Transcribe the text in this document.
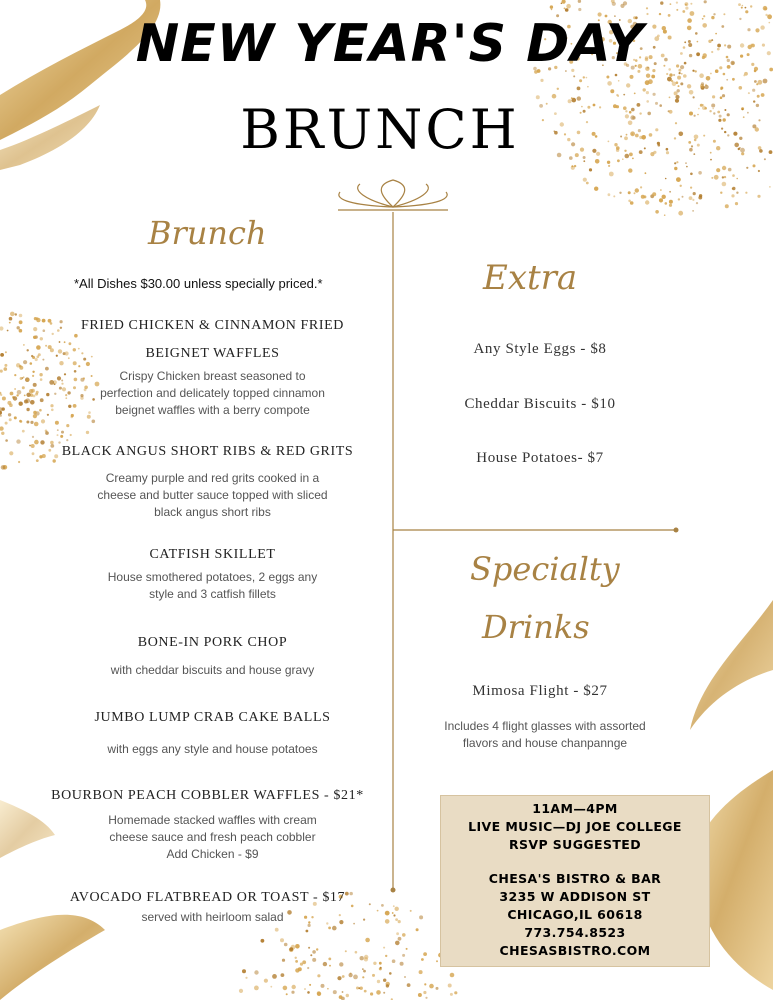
NEW YEAR'S DAY
BRUNCH
Brunch
*All Dishes $30.00 unless specially priced.*
FRIED CHICKEN & CINNAMON FRIED
BEIGNET WAFFLES
Crispy Chicken breast seasoned to
perfection and delicately topped cinnamon
beignet waffles with a berry compote
BLACK ANGUS SHORT RIBS & RED GRITS
Creamy purple and red grits cooked in a
cheese and butter sauce topped with sliced
black angus short ribs
CATFISH SKILLET
House smothered potatoes, 2 eggs any
style and 3 catfish fillets
BONE-IN PORK CHOP
with cheddar biscuits and house gravy
JUMBO LUMP CRAB CAKE BALLS
with eggs any style and house potatoes
BOURBON PEACH COBBLER WAFFLES - $21*
Homemade stacked waffles with cream
cheese sauce and fresh peach cobbler
Add Chicken - $9
AVOCADO FLATBREAD OR TOAST - $17
served with heirloom salad
Extra
Any Style Eggs - $8
Cheddar Biscuits - $10
House Potatoes- $7
Specialty
Drinks
Mimosa Flight - $27
Includes 4 flight glasses with assorted
flavors and house chanpannge
11AM—4PM
LIVE MUSIC—DJ JOE COLLEGE
RSVP SUGGESTED
CHESA'S BISTRO & BAR
3235 W ADDISON ST
CHICAGO,IL 60618
773.754.8523
CHESASBISTRO.COM
